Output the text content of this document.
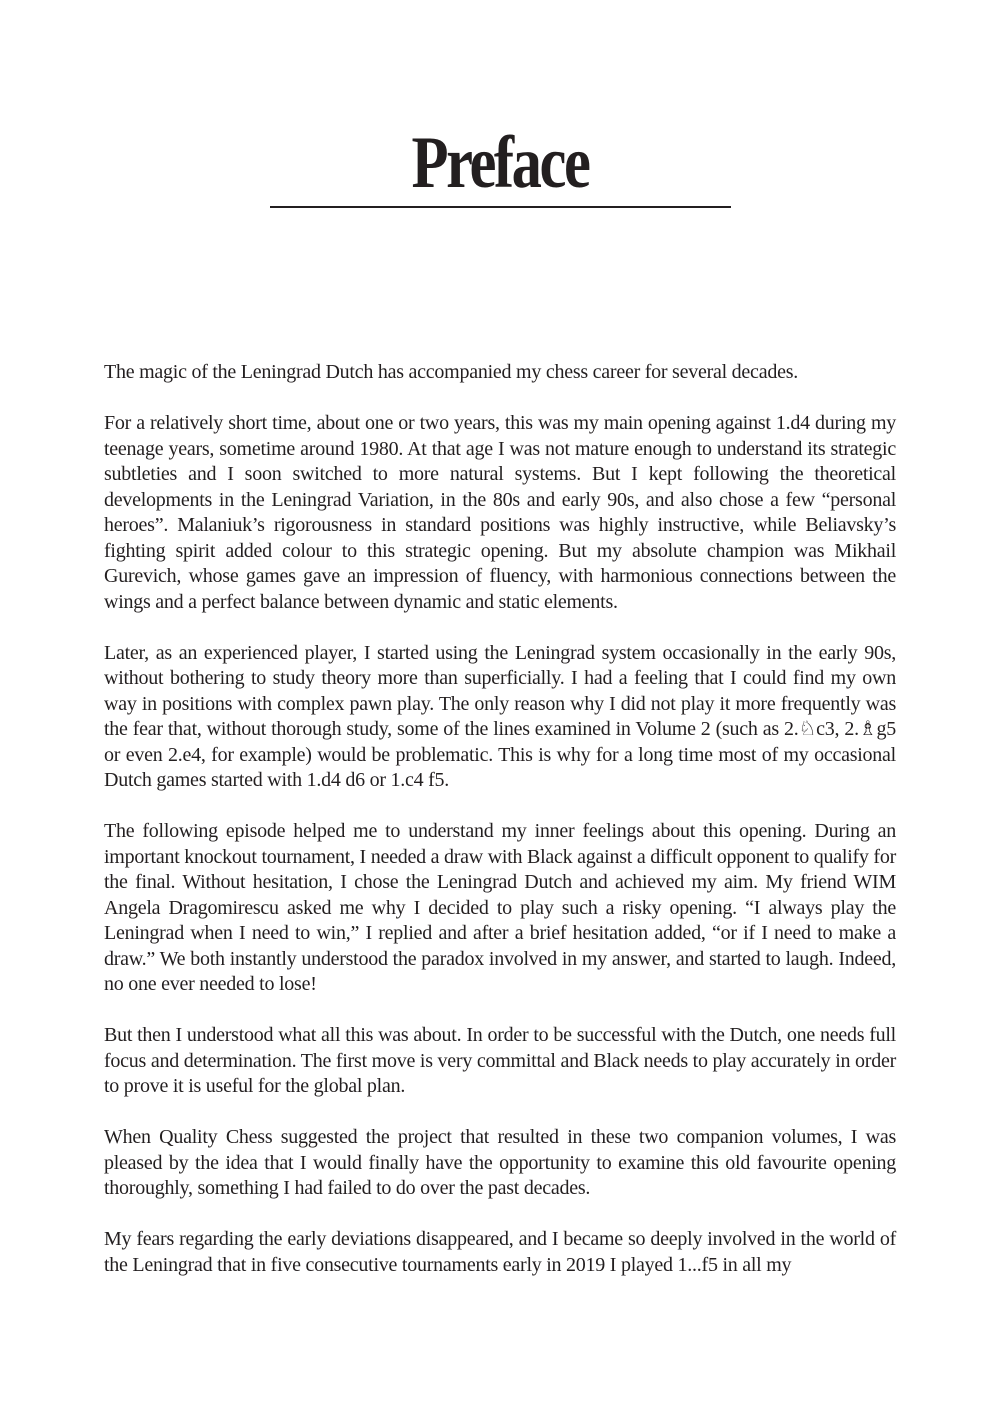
Preface

The magic of the Leningrad Dutch has accompanied my chess career for several decades.

For a relatively short time, about one or two years, this was my main opening against 1.d4 during my teenage years, sometime around 1980. At that age I was not mature enough to understand its strategic subtleties and I soon switched to more natural systems. But I kept following the theoretical developments in the Leningrad Variation, in the 80s and early 90s, and also chose a few “personal heroes”. Malaniuk’s rigorousness in standard positions was highly instructive, while Beliavsky’s fighting spirit added colour to this strategic opening. But my absolute champion was Mikhail Gurevich, whose games gave an impression of fluency, with harmonious connections between the wings and a perfect balance between dynamic and static elements.

Later, as an experienced player, I started using the Leningrad system occasionally in the early 90s, without bothering to study theory more than superficially. I had a feeling that I could find my own way in positions with complex pawn play. The only reason why I did not play it more frequently was the fear that, without thorough study, some of the lines examined in Volume 2 (such as 2.♘c3, 2.♗g5 or even 2.e4, for example) would be problematic. This is why for a long time most of my occasional Dutch games started with 1.d4 d6 or 1.c4 f5.

The following episode helped me to understand my inner feelings about this opening. During an important knockout tournament, I needed a draw with Black against a difficult opponent to qualify for the final. Without hesitation, I chose the Leningrad Dutch and achieved my aim. My friend WIM Angela Dragomirescu asked me why I decided to play such a risky opening. “I always play the Leningrad when I need to win,” I replied and after a brief hesitation added, “or if I need to make a draw.” We both instantly understood the paradox involved in my answer, and started to laugh. Indeed, no one ever needed to lose!

But then I understood what all this was about. In order to be successful with the Dutch, one needs full focus and determination. The first move is very committal and Black needs to play accurately in order to prove it is useful for the global plan.

When Quality Chess suggested the project that resulted in these two companion volumes, I was pleased by the idea that I would finally have the opportunity to examine this old favourite opening thoroughly, something I had failed to do over the past decades.

My fears regarding the early deviations disappeared, and I became so deeply involved in the world of the Leningrad that in five consecutive tournaments early in 2019 I played 1...f5 in all my
